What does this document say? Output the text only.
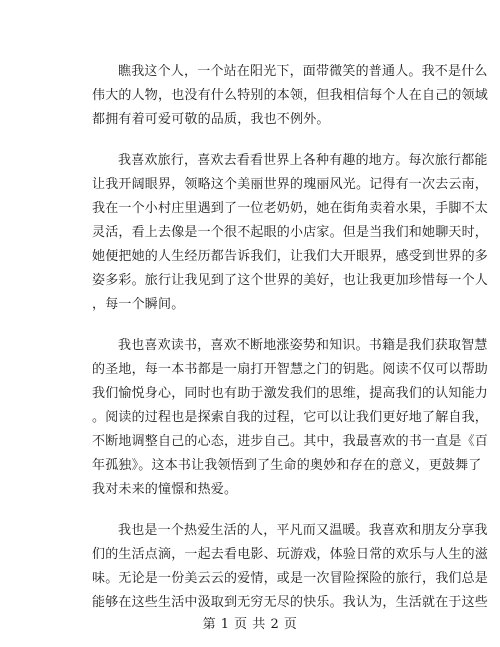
瞧我这个人，一个站在阳光下，面带微笑的普通人。我不是什么
伟大的人物，也没有什么特别的本领，但我相信每个人在自己的领域
都拥有着可爱可敬的品质，我也不例外。

我喜欢旅行，喜欢去看看世界上各种有趣的地方。每次旅行都能
让我开阔眼界，领略这个美丽世界的瑰丽风光。记得有一次去云南，
我在一个小村庄里遇到了一位老奶奶，她在街角卖着水果，手脚不太
灵活，看上去像是一个很不起眼的小店家。但是当我们和她聊天时，
她便把她的人生经历都告诉我们，让我们大开眼界，感受到世界的多
姿多彩。旅行让我见到了这个世界的美好，也让我更加珍惜每一个人
，每一个瞬间。

我也喜欢读书，喜欢不断地涨姿势和知识。书籍是我们获取智慧
的圣地，每一本书都是一扇打开智慧之门的钥匙。阅读不仅可以帮助
我们愉悦身心，同时也有助于激发我们的思维，提高我们的认知能力
。阅读的过程也是探索自我的过程，它可以让我们更好地了解自我，
不断地调整自己的心态，进步自己。其中，我最喜欢的书一直是《百
年孤独》。这本书让我领悟到了生命的奥妙和存在的意义，更鼓舞了
我对未来的憧憬和热爱。

我也是一个热爱生活的人，平凡而又温暖。我喜欢和朋友分享我
们的生活点滴，一起去看电影、玩游戏，体验日常的欢乐与人生的滋
味。无论是一份美云云的爱情，或是一次冒险探险的旅行，我们总是
能够在这些生活中汲取到无穷无尽的快乐。我认为，生活就在于这些

第 1 页 共 2 页
